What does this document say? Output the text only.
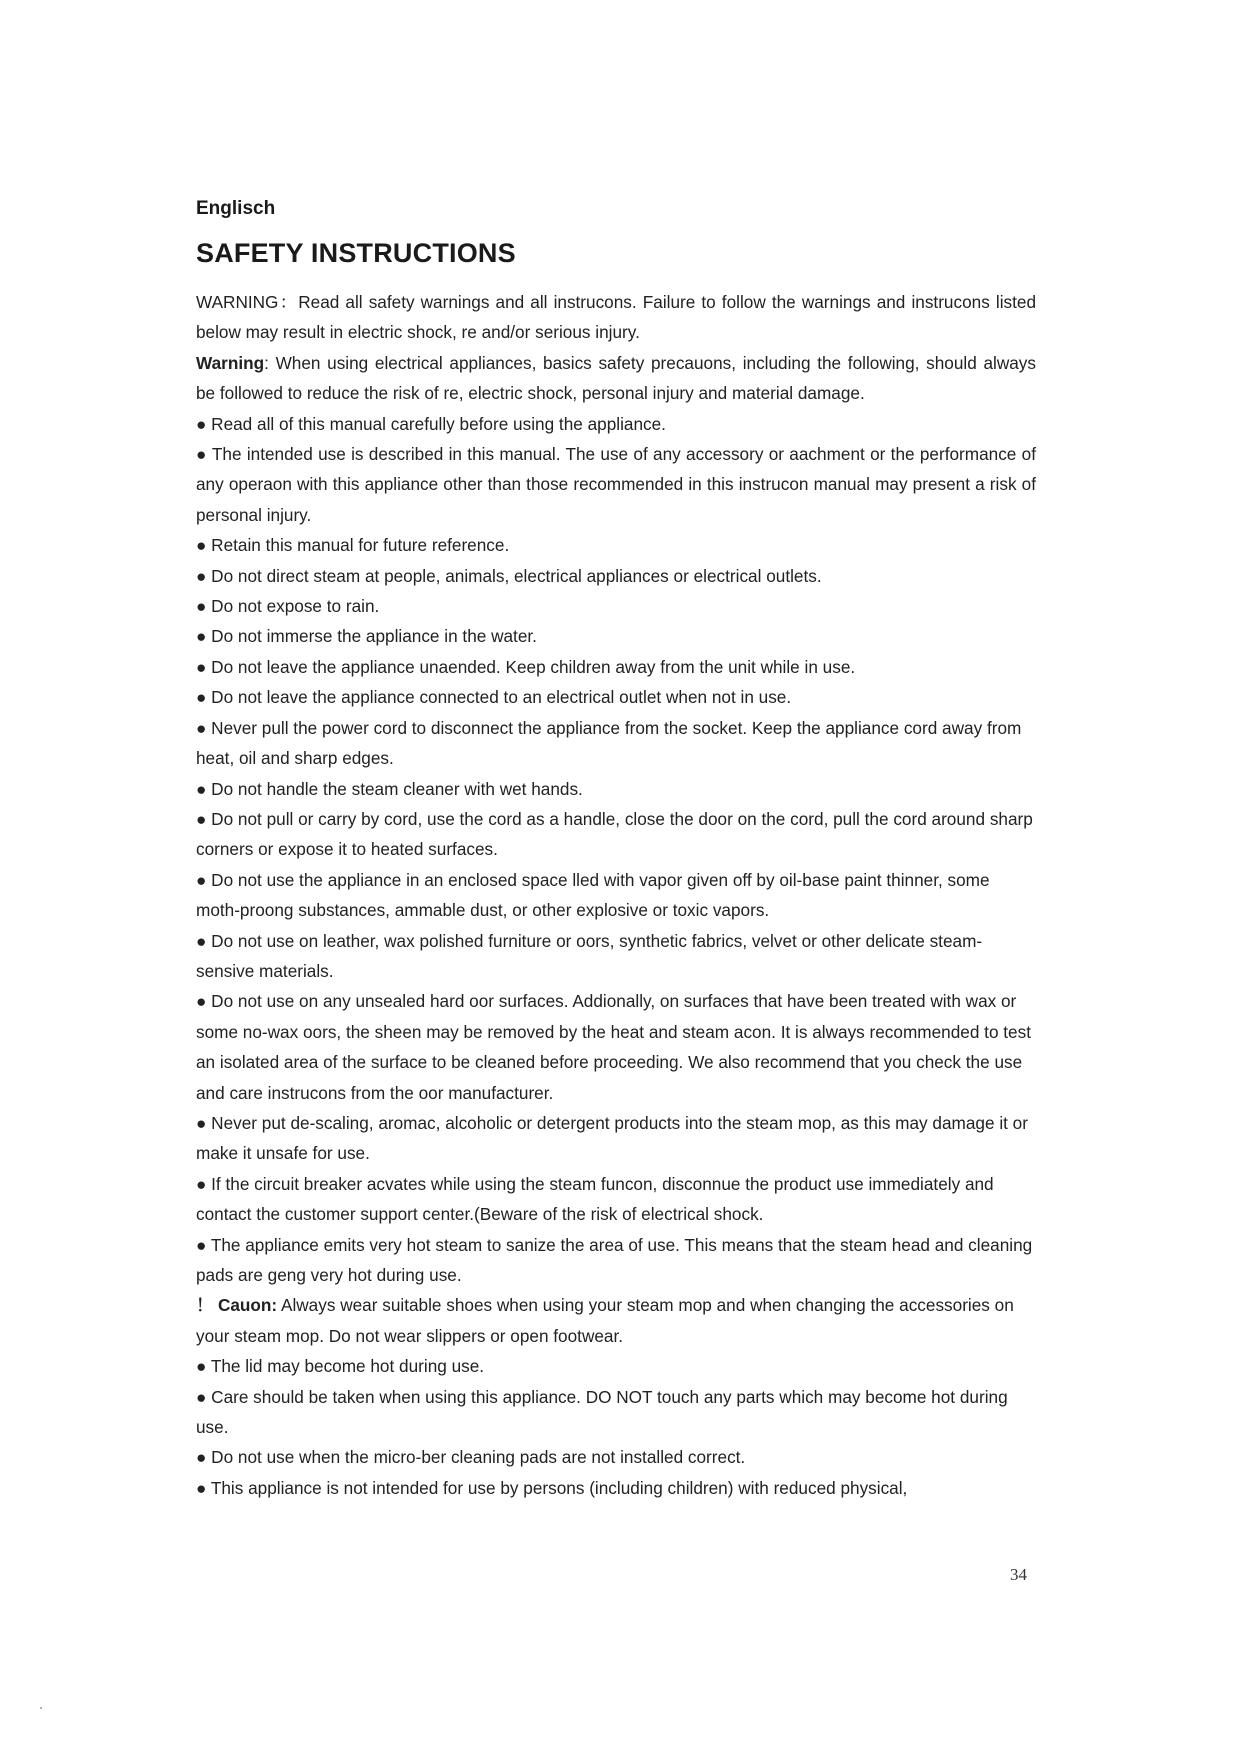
Englisch
SAFETY INSTRUCTIONS

WARNING：Read all safety warnings and all instrucons. Failure to follow the warnings and instrucons listed below may result in electric shock, re and/or serious injury.

Warning: When using electrical appliances, basics safety precauons, including the following, should always be followed to reduce the risk of re, electric shock, personal injury and material damage.

● Read all of this manual carefully before using the appliance.

● The intended use is described in this manual. The use of any accessory or aachment or the performance of any operaon with this appliance other than those recommended in this instrucon manual may present a risk of personal injury.

● Retain this manual for future reference.

● Do not direct steam at people, animals, electrical appliances or electrical outlets.

● Do not expose to rain.

● Do not immerse the appliance in the water.

● Do not leave the appliance unaended. Keep children away from the unit while in use.

● Do not leave the appliance connected to an electrical outlet when not in use.

● Never pull the power cord to disconnect the appliance from the socket. Keep the appliance cord away from heat, oil and sharp edges.

● Do not handle the steam cleaner with wet hands.

● Do not pull or carry by cord, use the cord as a handle, close the door on the cord, pull the cord around sharp corners or expose it to heated surfaces.

● Do not use the appliance in an enclosed space lled with vapor given off by oil-base paint thinner, some moth-proong substances, ammable dust, or other explosive or toxic vapors.

● Do not use on leather, wax polished furniture or oors, synthetic fabrics, velvet or other delicate steam-sensive materials.

● Do not use on any unsealed hard oor surfaces. Addionally, on surfaces that have been treated with wax or some no-wax oors, the sheen may be removed by the heat and steam acon. It is always recommended to test an isolated area of the surface to be cleaned before proceeding. We also recommend that you check the use and care instrucons from the oor manufacturer.

● Never put de-scaling, aromac, alcoholic or detergent products into the steam mop, as this may damage it or make it unsafe for use.

● If the circuit breaker acvates while using the steam funcon, disconnue the product use immediately and contact the customer support center.(Beware of the risk of electrical shock.

● The appliance emits very hot steam to sanize the area of use. This means that the steam head and cleaning pads are geng very hot during use.

！ Cauon: Always wear suitable shoes when using your steam mop and when changing the accessories on your steam mop. Do not wear slippers or open footwear.

● The lid may become hot during use.

● Care should be taken when using this appliance. DO NOT touch any parts which may become hot during use.

● Do not use when the micro-ber cleaning pads are not installed correct.

● This appliance is not intended for use by persons (including children) with reduced physical,

34
